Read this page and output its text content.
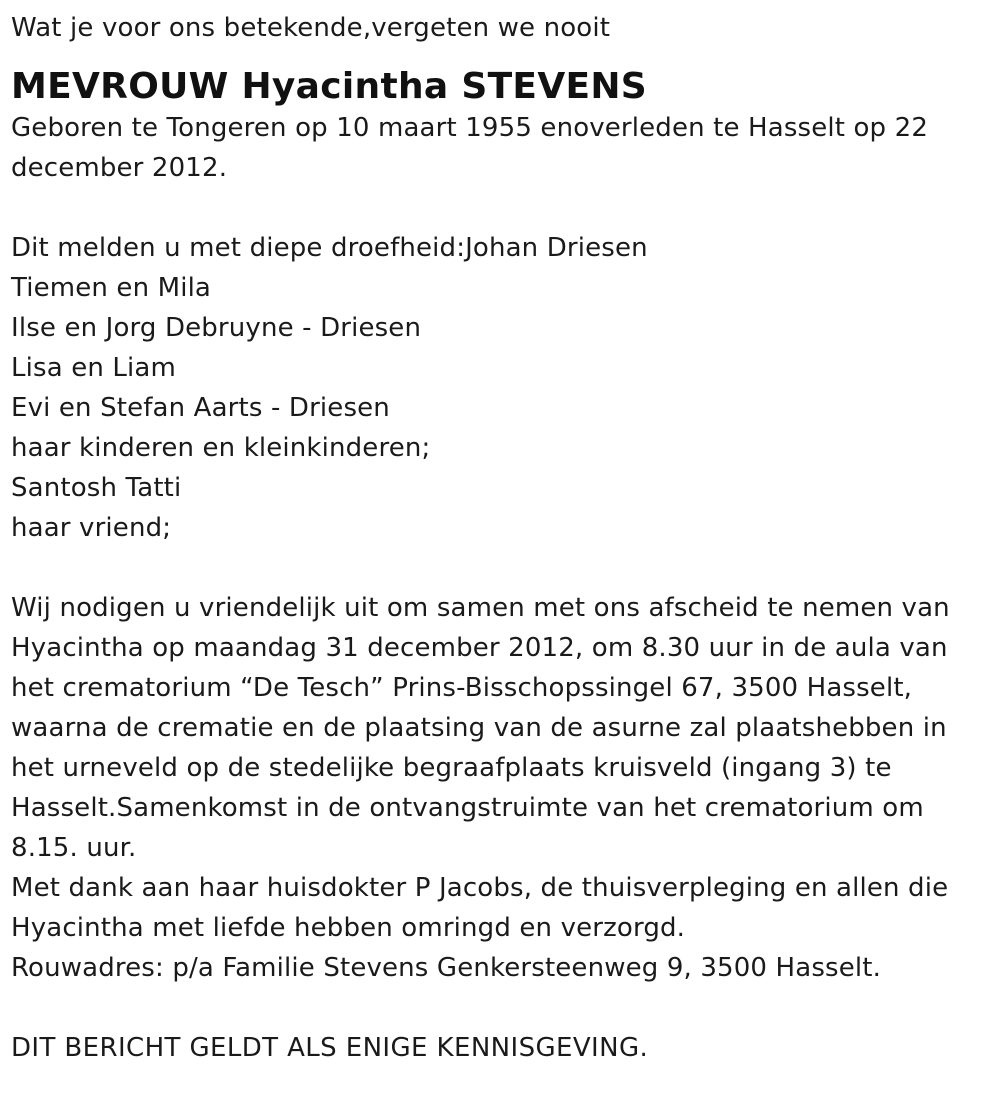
Wat je voor ons betekende,vergeten we nooit
MEVROUW Hyacintha STEVENS
Geboren te Tongeren op 10 maart 1955 enoverleden te Hasselt op 22 december 2012.
Dit melden u met diepe droefheid:Johan Driesen
Tiemen en Mila
Ilse en Jorg Debruyne - Driesen
Lisa en Liam
Evi en Stefan Aarts - Driesen
haar kinderen en kleinkinderen;
Santosh Tatti
haar vriend;
Wij nodigen u vriendelijk uit om samen met ons afscheid te nemen van Hyacintha op maandag 31 december 2012, om 8.30 uur in de aula van het crematorium “De Tesch” Prins-Bisschopssingel 67, 3500 Hasselt, waarna de crematie en de plaatsing van de asurne zal plaatshebben in het urneveld op de stedelijke begraafplaats kruisveld (ingang 3) te Hasselt.Samenkomst in de ontvangstruimte van het crematorium om 8.15. uur.
Met dank aan haar huisdokter P Jacobs, de thuisverpleging en allen die Hyacintha met liefde hebben omringd en verzorgd.
Rouwadres: p/a Familie Stevens Genkersteenweg 9, 3500 Hasselt.
DIT BERICHT GELDT ALS ENIGE KENNISGEVING.
